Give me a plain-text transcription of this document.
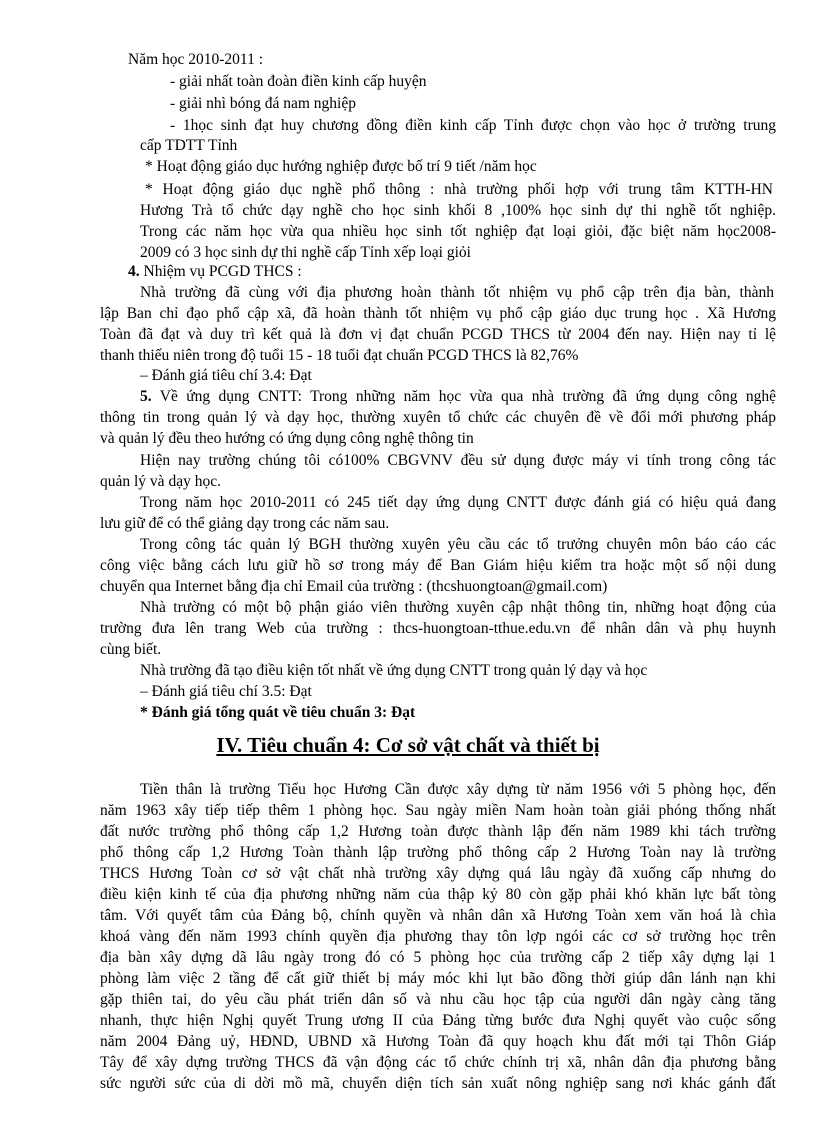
Năm học 2010-2011 :
- giải nhất toàn đoàn điền kinh cấp huyện
- giải nhì bóng đá nam nghiệp
- 1học sinh đạt huy chương đồng điền kinh cấp Tỉnh được chọn vào học ở trường trung
cấp TDTT Tỉnh
* Hoạt động giáo dục hướng nghiệp được bố trí 9 tiết /năm học
* Hoạt động giáo dục nghề phổ thông : nhà trường phối hợp với trung tâm KTTH-HN
Hương Trà tổ chức dạy nghề cho học sinh khối 8 ,100% học sinh dự thi nghề tốt nghiệp.
Trong các năm học vừa qua nhiều học sinh tốt nghiệp đạt loại giỏi, đặc biệt năm học2008-
2009 có 3 học sinh dự thi nghề cấp Tỉnh xếp loại giỏi
4. Nhiệm vụ PCGD THCS :
Nhà trường đã cùng với địa phương hoàn thành tốt nhiệm vụ phổ cập trên địa bàn, thành
lập Ban chỉ đạo phổ cập xã, đã hoàn thành tốt nhiệm vụ phổ cập giáo dục trung học . Xã Hương
Toàn đã đạt và duy trì kết quả là đơn vị đạt chuẩn PCGD THCS từ 2004 đến nay. Hiện nay tỉ lệ
thanh thiếu niên trong độ tuổi 15 - 18 tuổi đạt chuẩn PCGD THCS là 82,76%
– Đánh giá tiêu chí 3.4: Đạt
5. Về ứng dụng CNTT: Trong những năm học vừa qua nhà trường đã ứng dụng công nghệ
thông tin trong quản lý và dạy học, thường xuyên tổ chức các chuyên đề về đổi mới phương pháp
và quản lý đều theo hướng có ứng dụng công nghệ thông tin
Hiện nay trường chúng tôi có100% CBGVNV đều sử dụng được máy vi tính trong công tác
quản lý và dạy học.
Trong năm học 2010-2011 có 245 tiết dạy ứng dụng CNTT được đánh giá có hiệu quả đang
lưu giữ để có thể giảng dạy trong các năm sau.
Trong công tác quản lý BGH thường xuyên yêu cầu các tổ trưởng chuyên môn báo cáo các
công việc bằng cách lưu giữ hồ sơ trong máy để Ban Giám hiệu kiểm tra hoặc một số nội dung
chuyển qua Internet bằng địa chỉ Email của trường : (thcshuongtoan@gmail.com)
Nhà trường có một bộ phận giáo viên thường xuyên cập nhật thông tin, những hoạt động của
trường đưa lên trang Web của trường : thcs-huongtoan-tthue.edu.vn để nhân dân và phụ huynh
cùng biết.
Nhà trường đã tạo điều kiện tốt nhất về ứng dụng CNTT trong quản lý dạy và học
– Đánh giá tiêu chí 3.5: Đạt
* Đánh giá tổng quát về tiêu chuẩn 3: Đạt
IV. Tiêu chuẩn 4: Cơ sở vật chất và thiết bị
Tiền thân là trường Tiểu học Hương Cần được xây dựng từ năm 1956 với 5 phòng học, đến
năm 1963 xây tiếp tiếp thêm 1 phòng học. Sau ngày miền Nam hoàn toàn giải phóng thống nhất
đất nước trường phổ thông cấp 1,2 Hương toàn được thành lập đến năm 1989 khi tách trường
phổ thông cấp 1,2 Hương Toàn thành lập trường phổ thông cấp 2 Hương Toàn nay là trường
THCS Hương Toàn cơ sở vật chất nhà trường xây dựng quá lâu ngày đã xuống cấp nhưng do
điều kiện kinh tế của địa phương những năm của thập kỷ 80 còn gặp phải khó khăn lực bất tòng
tâm. Với quyết tâm của Đảng bộ, chính quyền và nhân dân xã Hương Toàn xem văn hoá là chìa
khoá vàng đến năm 1993 chính quyền địa phương thay tôn lợp ngói các cơ sở trường học trên
địa bàn xây dựng dã lâu ngày trong đó có 5 phòng học của trường cấp 2 tiếp xây dựng lại 1
phòng làm việc 2 tầng để cất giữ thiết bị máy móc khi lụt bão đồng thời giúp dân lánh nạn khi
gặp thiên tai, do yêu cầu phát triển dân số và nhu cầu học tập của người dân ngày càng tăng
nhanh, thực hiện Nghị quyết Trung ương II của Đảng từng bước đưa Nghị quyết vào cuộc sống
năm 2004 Đảng uỷ, HĐND, UBND xã Hương Toàn đã quy hoạch khu đất mới tại Thôn Giáp
Tây để xây dựng trường THCS đã vận động các tổ chức chính trị xã, nhân dân địa phương bằng
sức người sức của di dời mồ mã, chuyển diện tích sản xuất nông nghiệp sang nơi khác gánh đất
